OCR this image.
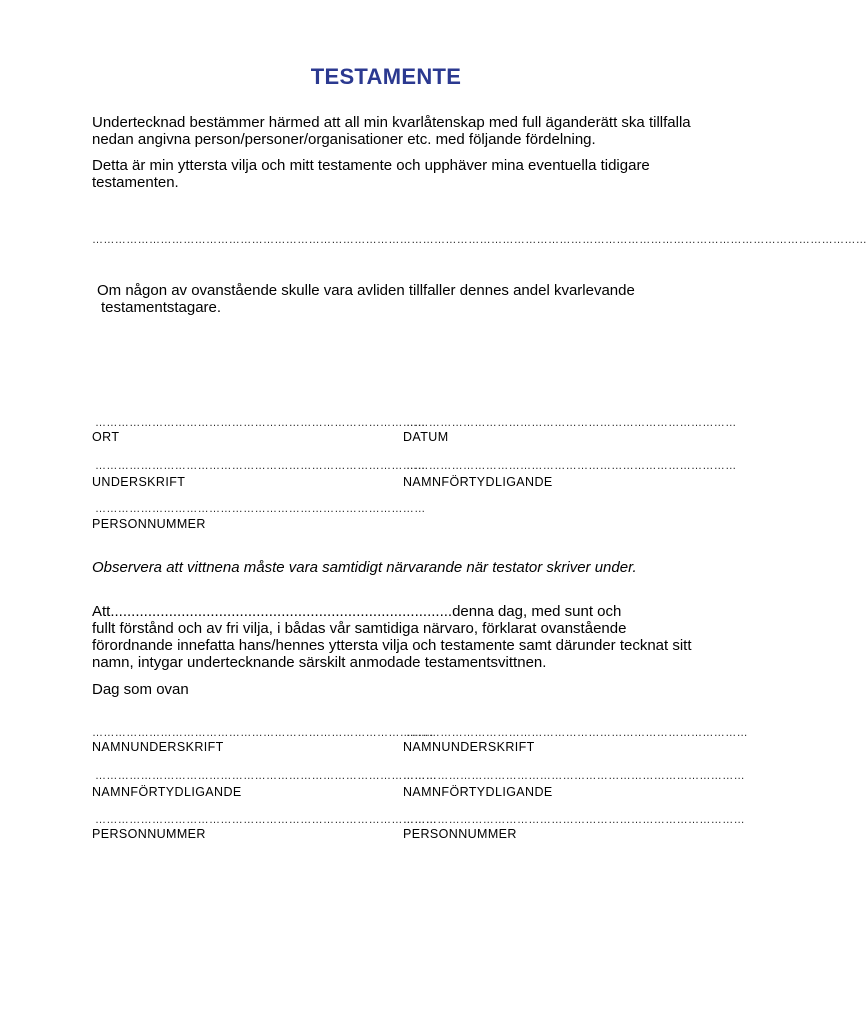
TESTAMENTE
Undertecknad bestämmer härmed att all min kvarlåtenskap med full äganderätt ska tillfalla nedan angivna person/personer/organisationer etc. med följande fördelning.
Detta är min yttersta vilja och mitt testamente och upphäver mina eventuella tidigare testamenten.
……………………………………………………………………………………………………………………………………………………………………………………
Om någon av ovanstående skulle vara avliden tillfaller dennes andel kvarlevande
testamentstagare.
……………………………………………………………………………
ORT
……………………………………………………………………………
DATUM
……………………………………………………………………………
UNDERSKRIFT
……………………………………………………………………………
NAMNFÖRTYDLIGANDE
……………………………………………………………………………
PERSONNUMMER
Observera att vittnena måste vara samtidigt närvarande när testator skriver under.
Att..................................................................................denna dag, med sunt och
fullt förstånd och av fri vilja, i bådas vår samtidiga närvaro, förklarat ovanstående förordnande innefatta hans/hennes yttersta vilja och testamente samt därunder tecknat sitt namn, intygar undertecknande särskilt anmodade testamentsvittnen.
Dag som ovan
………………………………………………………………………………
NAMNUNDERSKRIFT
………………………………………………………………………………
NAMNUNDERSKRIFT
………………………………………………………………………………
NAMNFÖRTYDLIGANDE
………………………………………………………………………………
NAMNFÖRTYDLIGANDE
………………………………………………………………………………
PERSONNUMMER
………………………………………………………………………………
PERSONNUMMER
